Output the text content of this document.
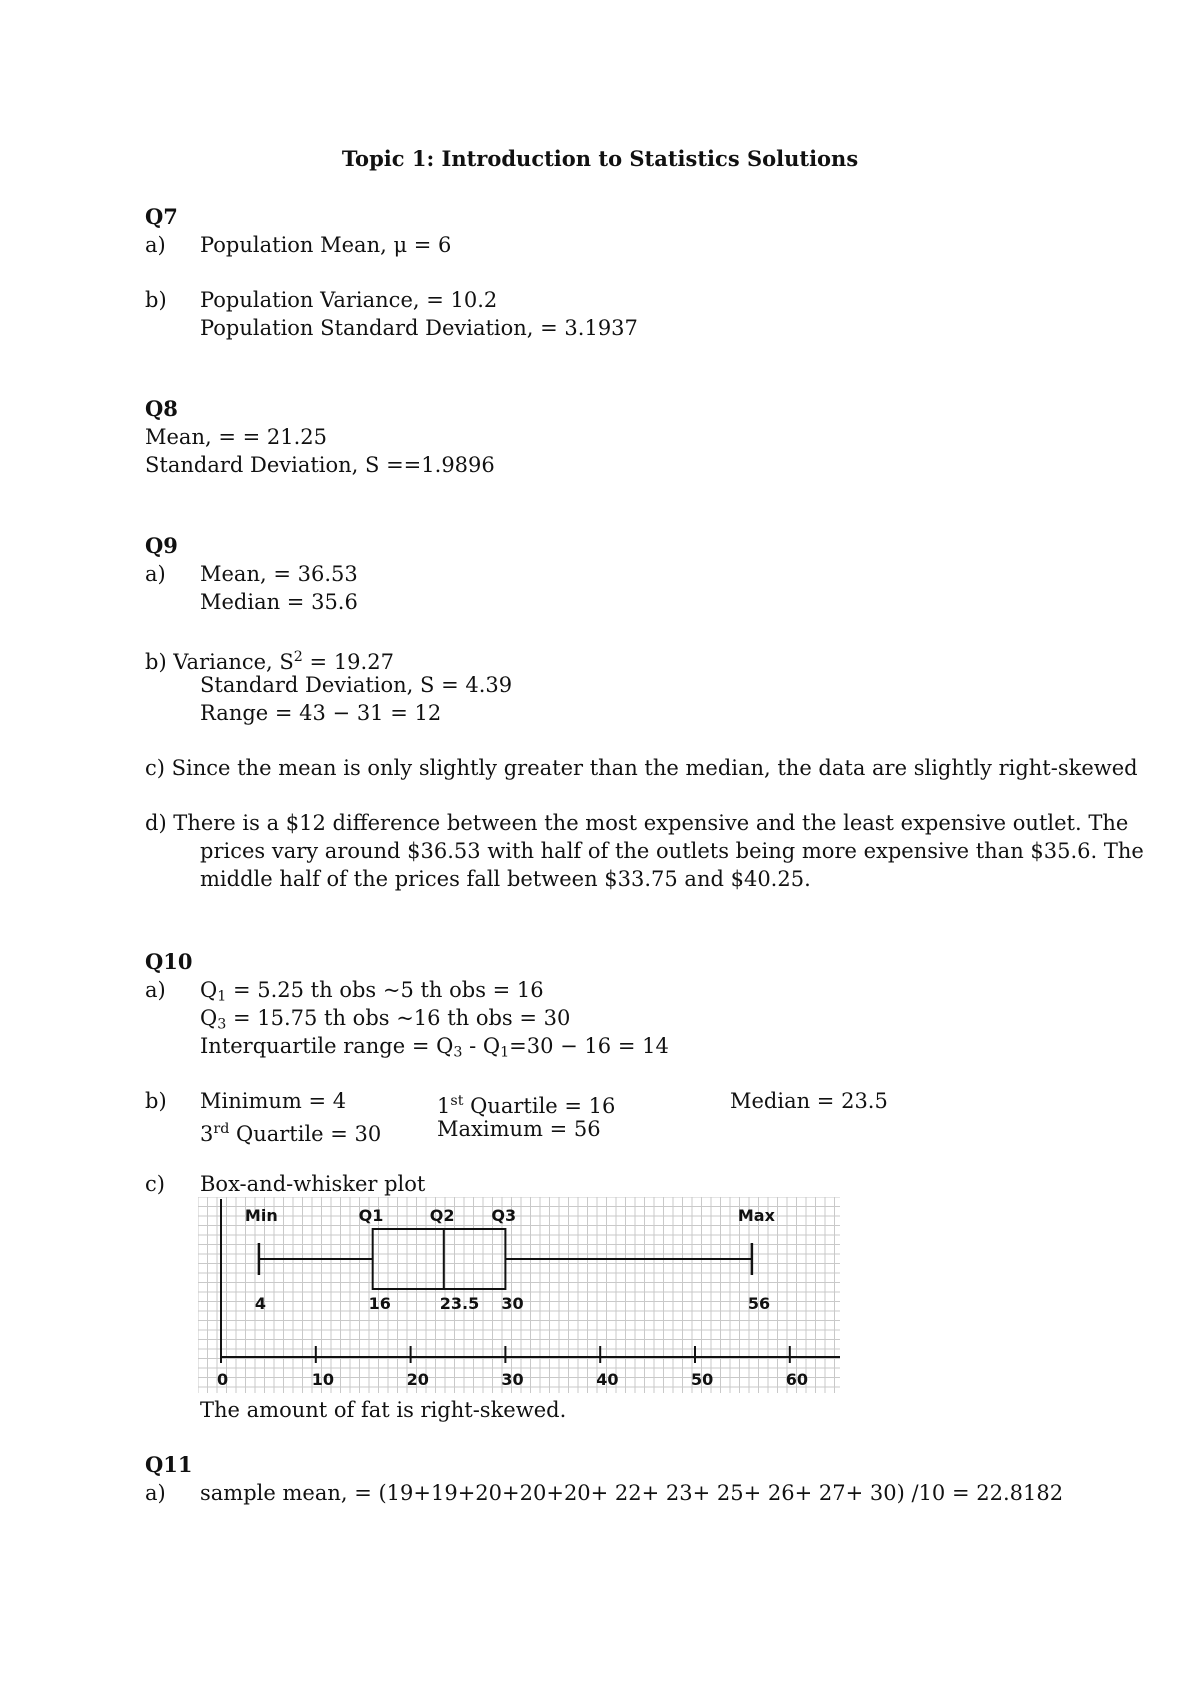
Topic 1: Introduction to Statistics Solutions
Q7
a) Population Mean, μ = 6
b) Population Variance, = 10.2
Population Standard Deviation, = 3.1937
Q8
Mean, = = 21.25
Standard Deviation, S ==1.9896
Q9
a) Mean, = 36.53
Median = 35.6
b) Variance, $S^2 = 19.27$
Standard Deviation, S = 4.39
Range = 43 − 31 = 12
c) Since the mean is only slightly greater than the median, the data are slightly right-skewed
d) There is a $12 difference between the most expensive and the least expensive outlet. The
prices vary around $36.53 with half of the outlets being more expensive than $35.6. The
middle half of the prices fall between $33.75 and $40.25.
Q10
a) $Q_1 = 5.25$ th obs ~5 th obs = 16
$Q_3 = 15.75$ th obs ~16 th obs = 30
Interquartile range = $Q_3 - Q_1=30 - 16 = 14$
b) Minimum = 4	1st Quartile = 16	Median = 23.5
3rd Quartile = 30	Maximum = 56
c) Box-and-whisker plot
0	10	20	30	40	50	60
Min
4
Q1
16
Q2
23.5
Q3
30
Max
56
The amount of fat is right-skewed.
Q11
a) sample mean, = (19+19+20+20+20+ 22+ 23+ 25+ 26+ 27+ 30) /10 = 22.8182
